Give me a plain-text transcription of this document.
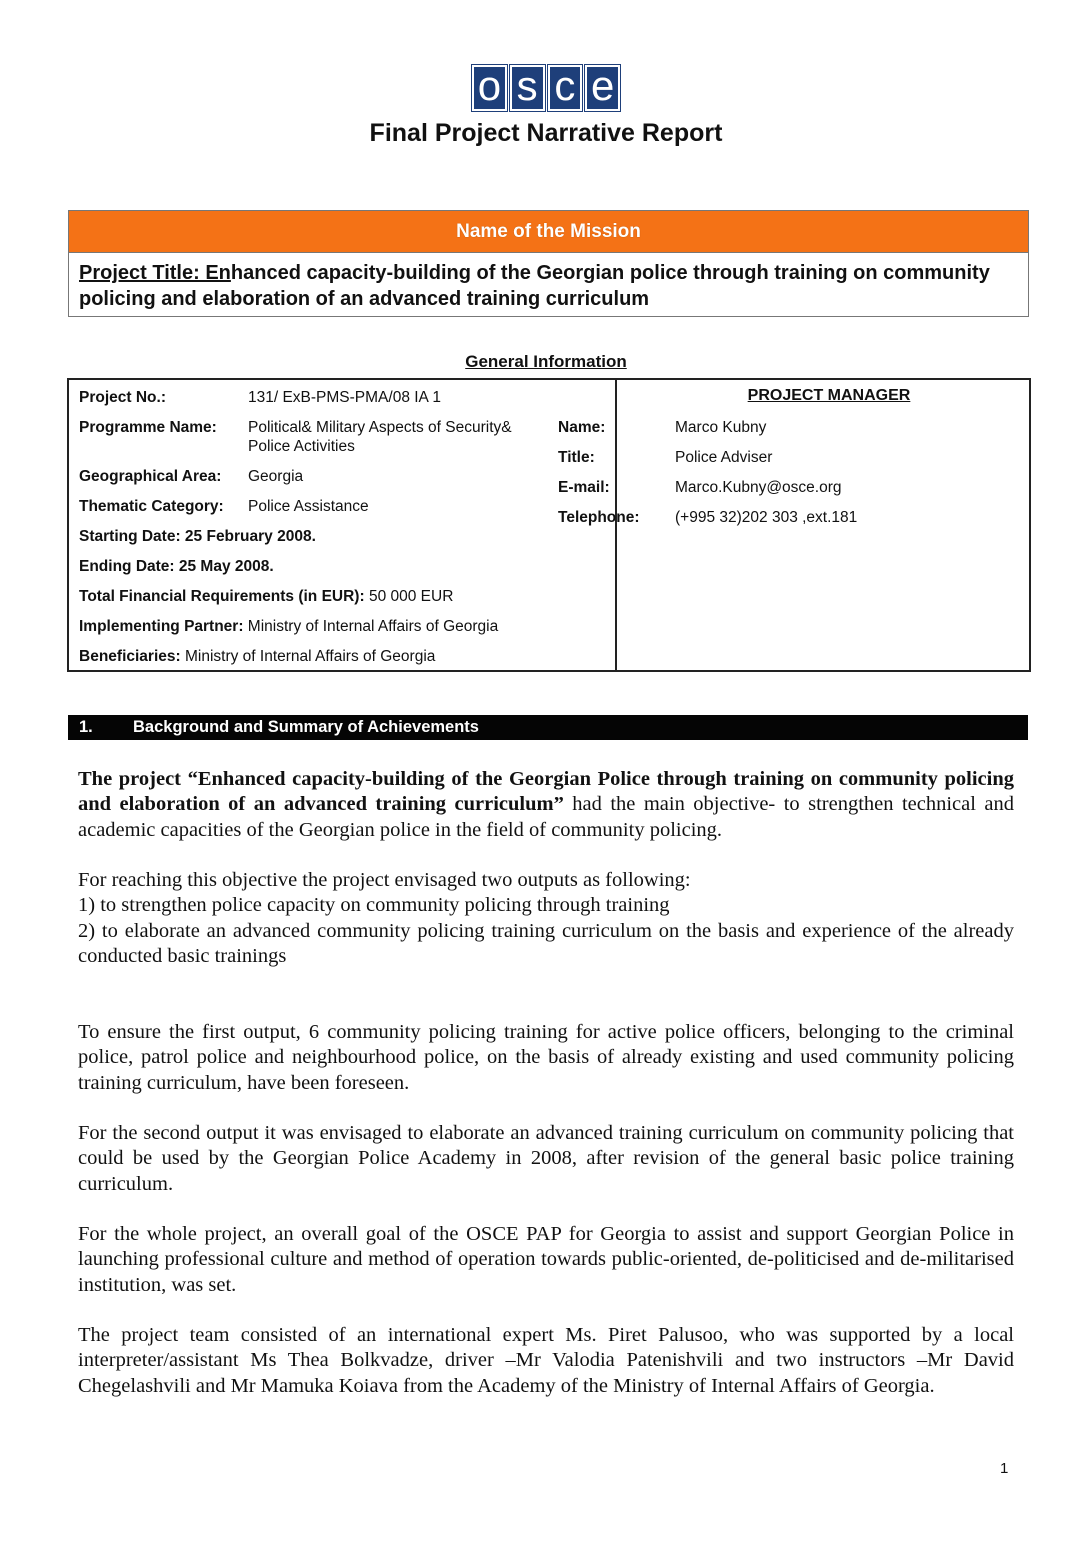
o s c e
Final Project Narrative Report
Name of the Mission
Project Title: Enhanced capacity-building of the Georgian police through training on community policing and elaboration of an advanced training curriculum
General Information
Project No.:	131/ ExB-PMS-PMA/08 IA 1
Programme Name: Political& Military Aspects of Security&
Police Activities
Geographical Area: Georgia
Thematic Category: Police Assistance
Starting Date: 25 February 2008.
Ending Date: 25 May 2008.
Total Financial Requirements (in EUR): 50 000 EUR
Implementing Partner: Ministry of Internal Affairs of Georgia
Beneficiaries: Ministry of Internal Affairs of Georgia
PROJECT MANAGER
Name:	Marco Kubny
Title:	Police Adviser
E-mail:	Marco.Kubny@osce.org
Telephone: (+995 32)202 303 ,ext.181
1. Background and Summary of Achievements
The project “Enhanced capacity-building of the Georgian Police through training on community policing and elaboration of an advanced training curriculum” had the main objective- to strengthen technical and academic capacities of the Georgian police in the field of community policing.
For reaching this objective the project envisaged two outputs as following:
1) to strengthen police capacity on community policing through training
2) to elaborate an advanced community policing training curriculum on the basis and experience of the already conducted basic trainings
To ensure the first output, 6 community policing training for active police officers, belonging to the criminal police, patrol police and neighbourhood police, on the basis of already existing and used community policing training curriculum, have been foreseen.
For the second output it was envisaged to elaborate an advanced training curriculum on community policing that could be used by the Georgian Police Academy in 2008, after revision of the general basic police training curriculum.
For the whole project, an overall goal of the OSCE PAP for Georgia to assist and support Georgian Police in launching professional culture and method of operation towards public-oriented, de-politicised and de-militarised institution, was set.
The project team consisted of an international expert Ms. Piret Palusoo, who was supported by a local interpreter/assistant Ms Thea Bolkvadze, driver –Mr Valodia Patenishvili and two instructors –Mr David Chegelashvili and Mr Mamuka Koiava from the Academy of the Ministry of Internal Affairs of Georgia.
1
